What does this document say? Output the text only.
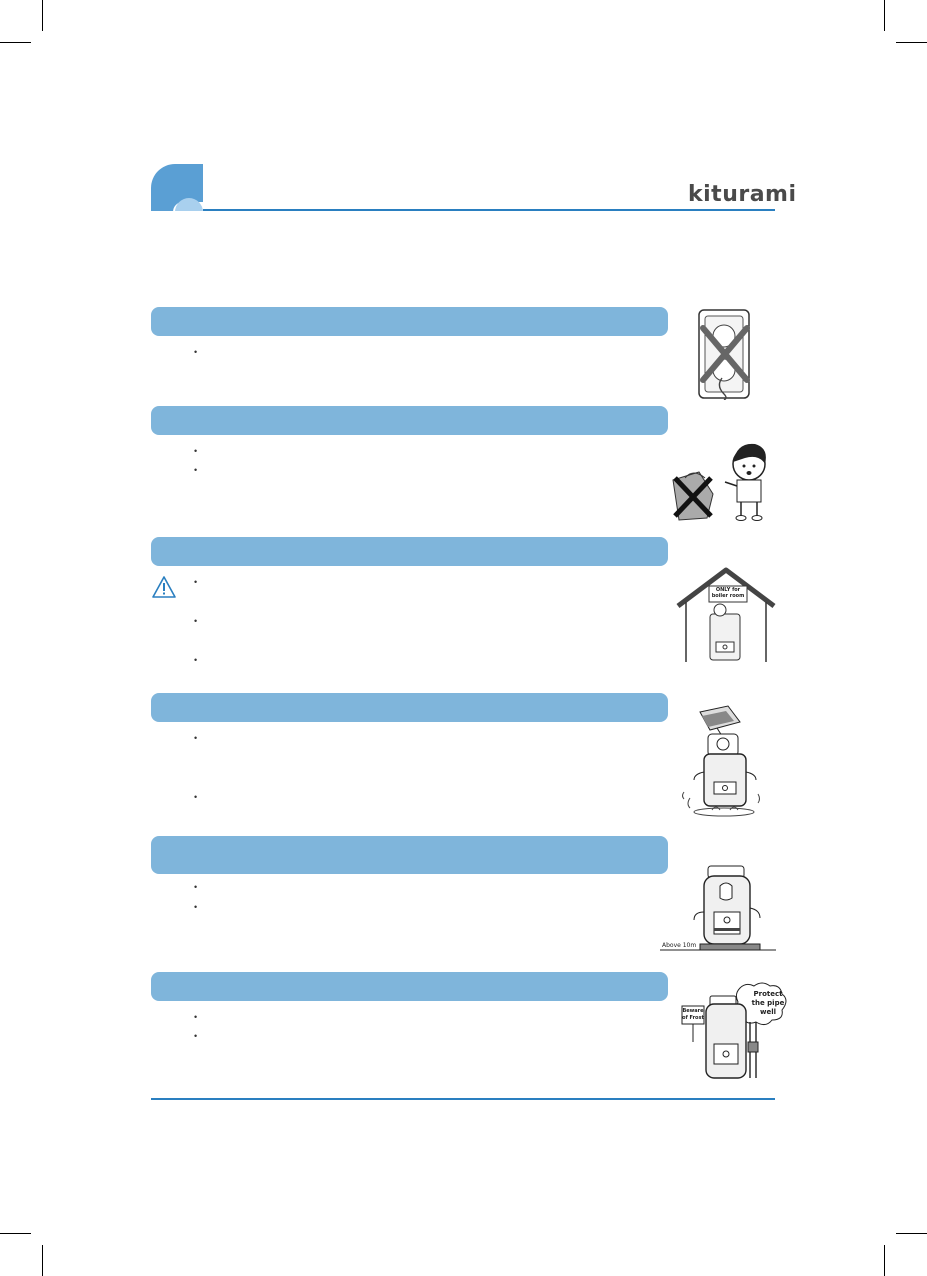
kiturami
•
•
•
•
•
•
ONLY for
boiler room
•
•
•
•
Above 10m
•
•
Protect
the pipe
well
Beware
of Frost
